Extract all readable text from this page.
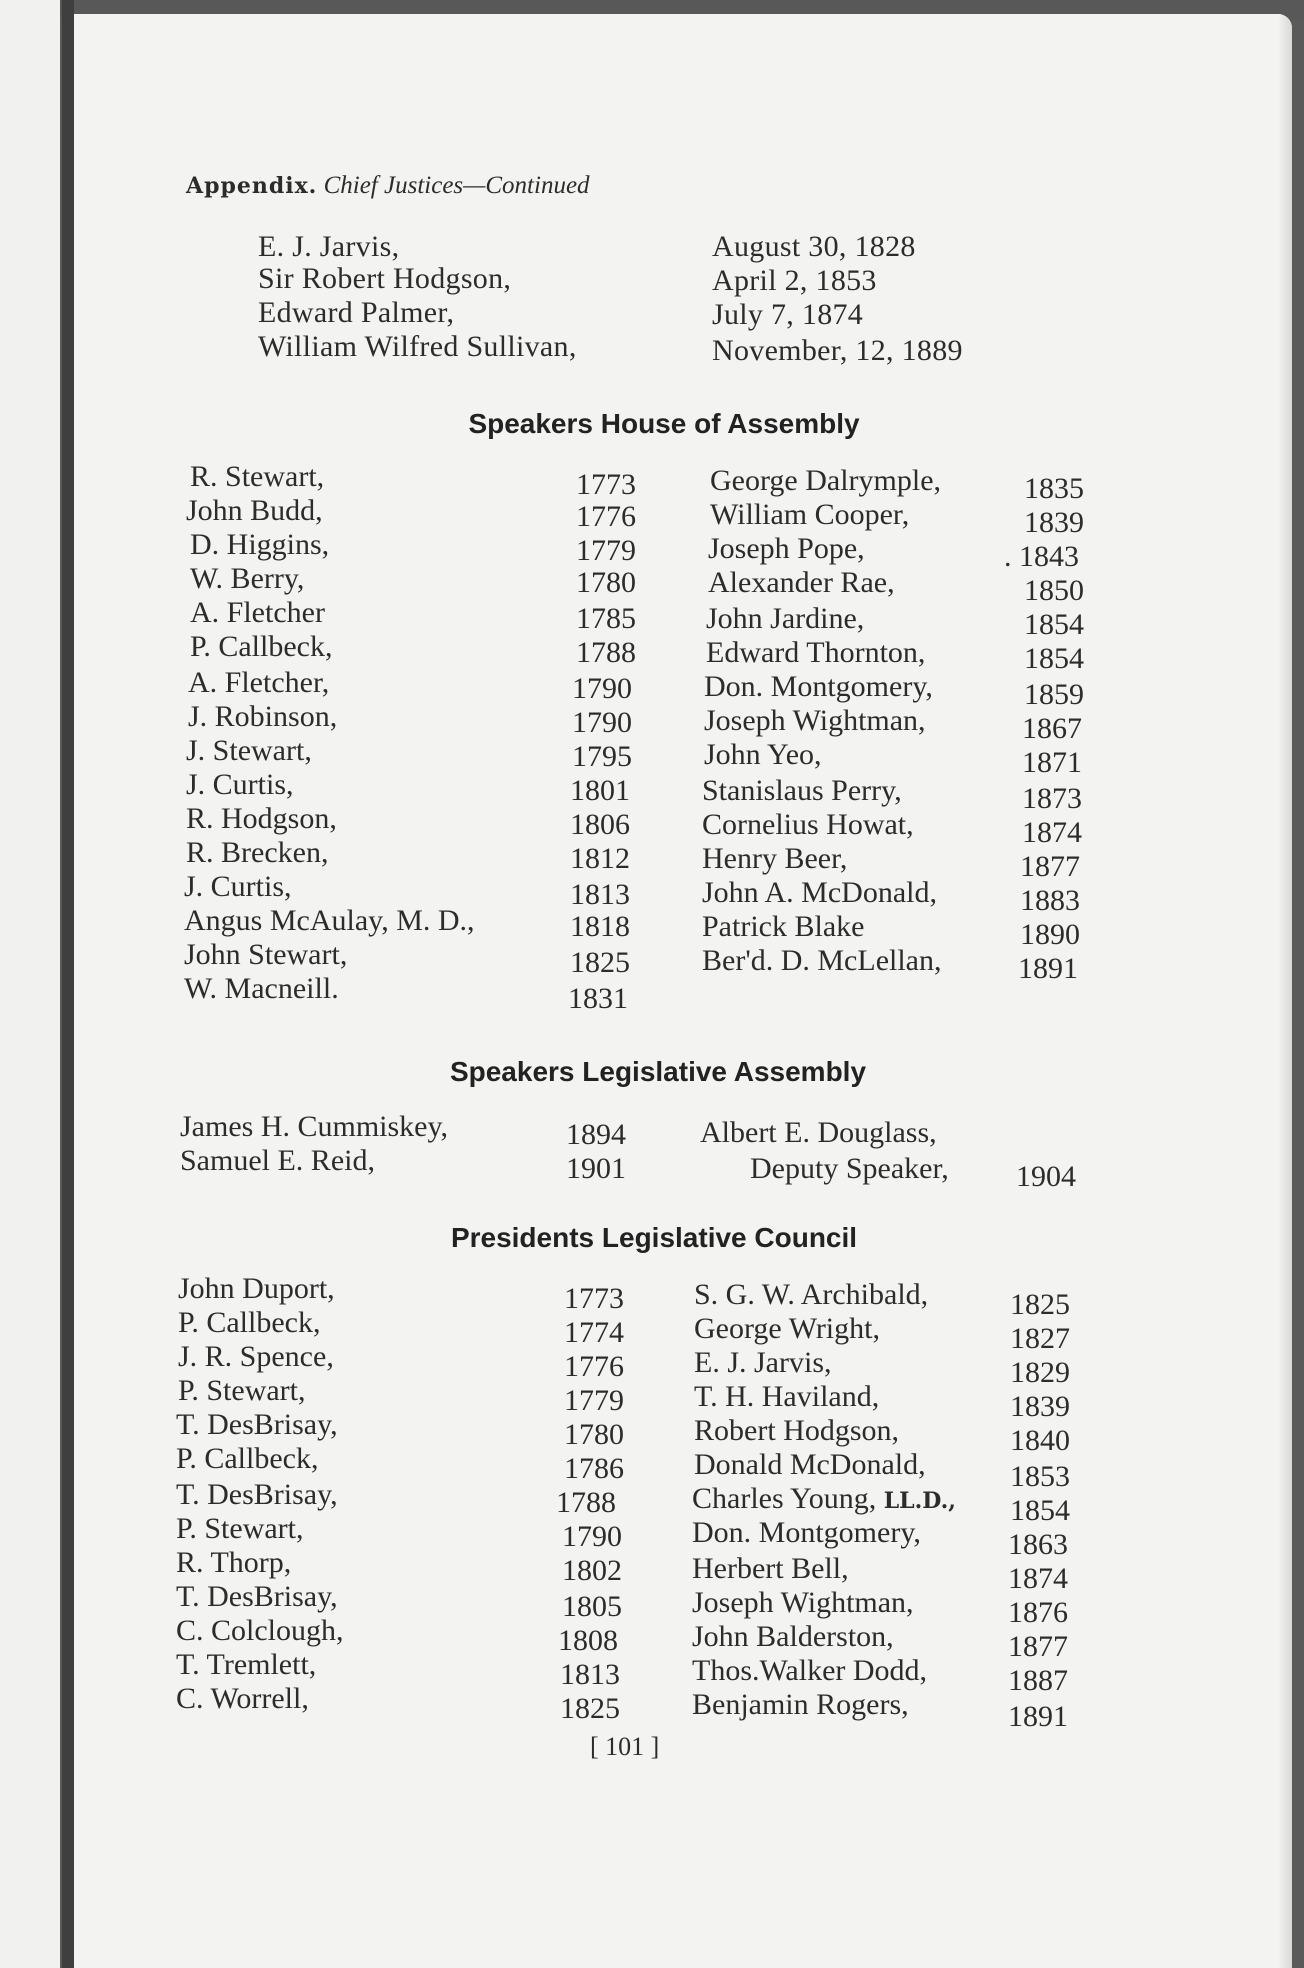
Appendix. Chief Justices—Continued
E. J. Jarvis,	August 30, 1828
Sir Robert Hodgson,	April 2, 1853
Edward Palmer,	July 7, 1874
William Wilfred Sullivan,	November, 12, 1889
Speakers House of Assembly
R. Stewart,	1773
John Budd,	1776
D. Higgins,	1779
W. Berry,	1780
A. Fletcher	1785
P. Callbeck,	1788
A. Fletcher,	1790
J. Robinson,	1790
J. Stewart,	1795
J. Curtis,	1801
R. Hodgson,	1806
R. Brecken,	1812
J. Curtis,	1813
Angus McAulay, M. D.,	1818
John Stewart,	1825
W. Macneill.	1831
George Dalrymple,	1835
William Cooper,	1839
Joseph Pope,	. 1843
Alexander Rae,	1850
John Jardine,	1854
Edward Thornton,	1854
Don. Montgomery,	1859
Joseph Wightman,	1867
John Yeo,	1871
Stanislaus Perry,	1873
Cornelius Howat,	1874
Henry Beer,	1877
John A. McDonald,	1883
Patrick Blake	1890
Ber'd. D. McLellan,	1891
Speakers Legislative Assembly
James H. Cummiskey,	1894
Samuel E. Reid,	1901
Albert E. Douglass,
Deputy Speaker, 1904
Presidents Legislative Council
John Duport,	1773
P. Callbeck,	1774
J. R. Spence,	1776
P. Stewart,	1779
T. DesBrisay,	1780
P. Callbeck,	1786
T. DesBrisay,	1788
P. Stewart,	1790
R. Thorp,	1802
T. DesBrisay,	1805
C. Colclough,	1808
T. Tremlett,	1813
C. Worrell,	1825
S. G. W. Archibald,	1825
George Wright,	1827
E. J. Jarvis,	1829
T. H. Haviland,	1839
Robert Hodgson,	1840
Donald McDonald,	1853
Charles Young, LL.D., 1854
Don. Montgomery,	1863
Herbert Bell,	1874
Joseph Wightman,	1876
John Balderston,	1877
Thos.Walker Dodd,	1887
Benjamin Rogers,	1891
[ 101 ]
